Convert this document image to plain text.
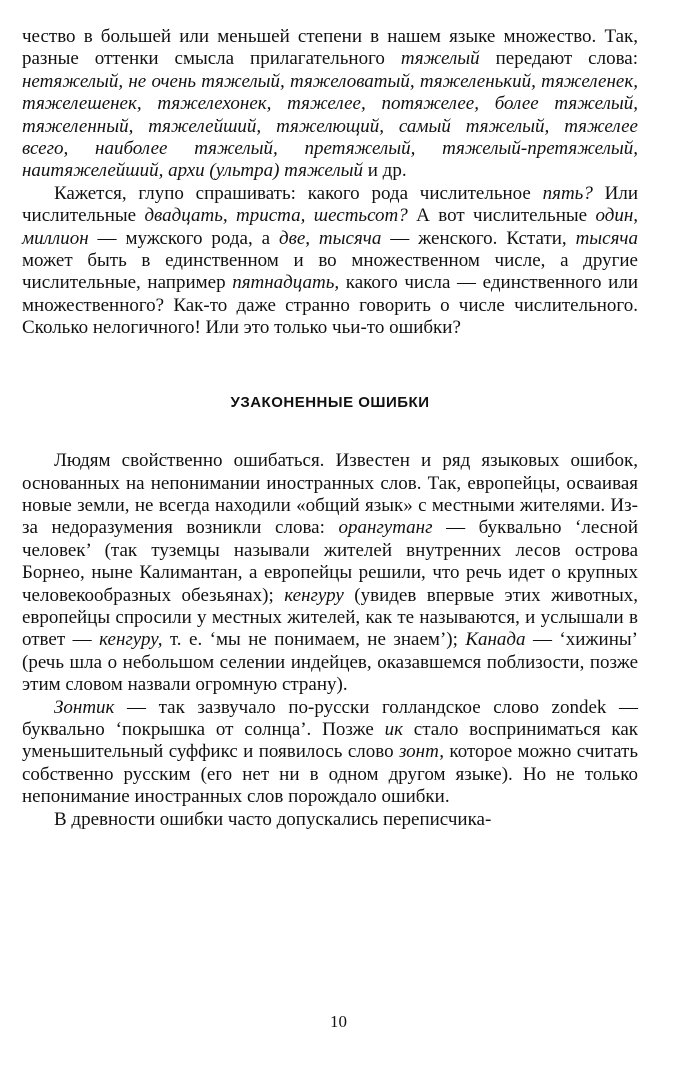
чество в большей или меньшей степени в нашем языке множество. Так, разные оттенки смысла прилагательного тяжелый передают слова: нетяжелый, не очень тяжелый, тяжеловатый, тяжеленький, тяжеленек, тяжелешенек, тяжелехонек, тяжелее, потяжелее, более тяжелый, тяжеленный, тяжелейший, тяжелющий, самый тяжелый, тяжелее всего, наиболее тяжелый, претяжелый, тяжелый-претяжелый, наитяжелейший, архи (ультра) тяжелый и др.

Кажется, глупо спрашивать: какого рода числительное пять? Или числительные двадцать, триста, шестьсот? А вот числительные один, миллион — мужского рода, а две, тысяча — женского. Кстати, тысяча может быть в единственном и во множественном числе, а другие числительные, например пятнадцать, какого числа — единственного или множественного? Как-то даже странно говорить о числе числительного. Сколько нелогичного! Или это только чьи-то ошибки?

УЗАКОНЕННЫЕ ОШИБКИ

Людям свойственно ошибаться. Известен и ряд языковых ошибок, основанных на непонимании иностранных слов. Так, европейцы, осваивая новые земли, не всегда находили «общий язык» с местными жителями. Из-за недоразумения возникли слова: орангутанг — буквально ‘лесной человек’ (так туземцы называли жителей внутренних лесов острова Борнео, ныне Калимантан, а европейцы решили, что речь идет о крупных человекообразных обезьянах); кенгуру (увидев впервые этих животных, европейцы спросили у местных жителей, как те называются, и услышали в ответ — кенгуру, т. е. ‘мы не понимаем, не знаем’); Канада — ‘хижины’ (речь шла о небольшом селении индейцев, оказавшемся поблизости, позже этим словом назвали огромную страну).

Зонтик — так зазвучало по-русски голландское слово zondek — буквально ‘покрышка от солнца’. Позже ик стало восприниматься как уменьшительный суффикс и появилось слово зонт, которое можно считать собственно русским (его нет ни в одном другом языке). Но не только непонимание иностранных слов порождало ошибки.

В древности ошибки часто допускались переписчика-

10
